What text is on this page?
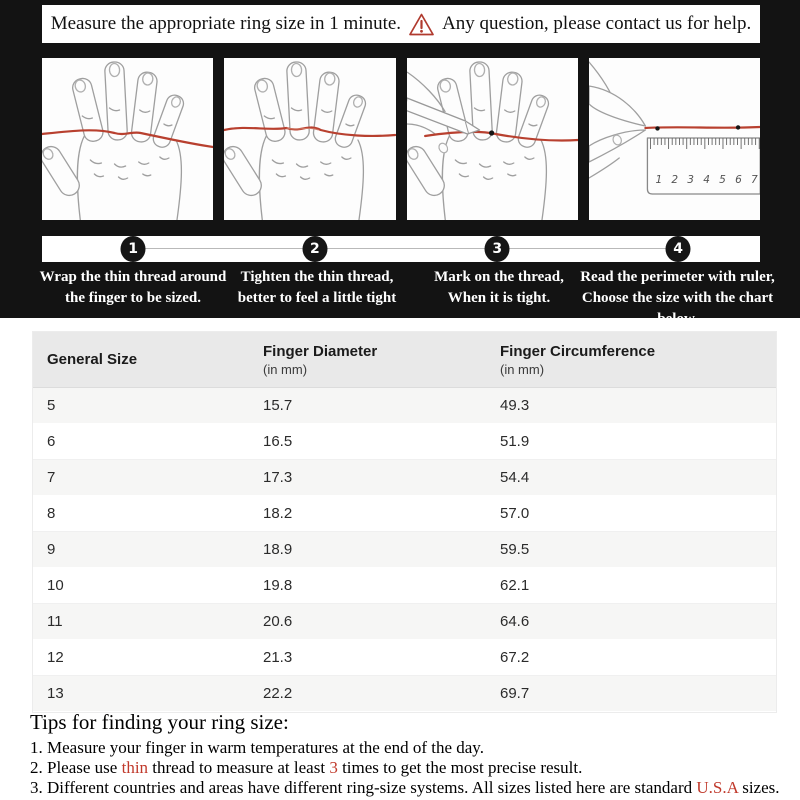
Measure the appropriate ring size in 1 minute. Any question, please contact us for help.
1 2 3 4 5 6 7
1	2	3	4
Wrap the thin thread around
the finger to be sized.
Tighten the thin thread,
better to feel a little tight
Mark on the thread,
When it is tight.
Read the perimeter with ruler,
Choose the size with the chart below.
General Size	Finger Diameter
(in mm)
Finger Circumference
(in mm)
5	15.7	49.3
6	16.5	51.9
7	17.3	54.4
8	18.2	57.0
9	18.9	59.5
10	19.8	62.1
11	20.6	64.6
12	21.3	67.2
13	22.2	69.7
Tips for finding your ring size:
1. Measure your finger in warm temperatures at the end of the day.
2. Please use thin thread to measure at least 3 times to get the most precise result.
3. Different countries and areas have different ring-size systems. All sizes listed here are standard U.S.A sizes.
